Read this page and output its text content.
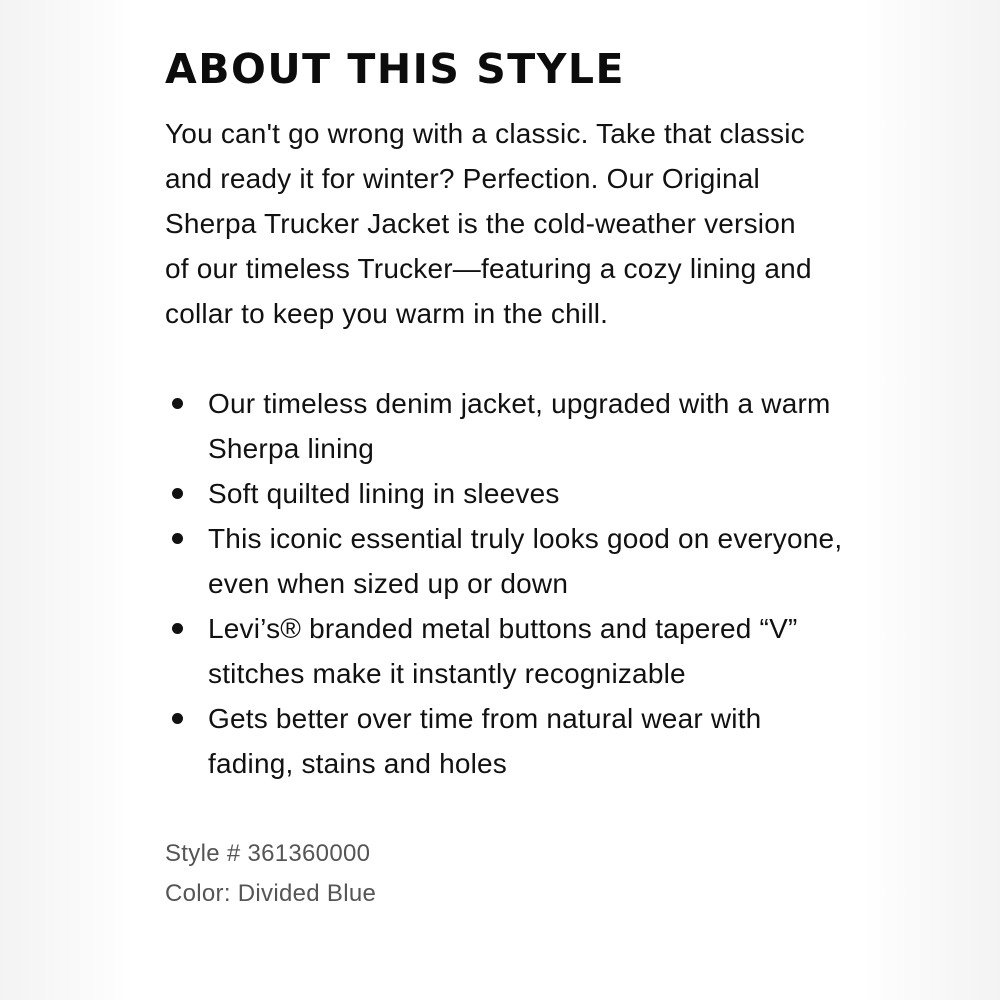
ABOUT THIS STYLE

You can't go wrong with a classic. Take that classic and ready it for winter? Perfection. Our Original Sherpa Trucker Jacket is the cold-weather version of our timeless Trucker—featuring a cozy lining and collar to keep you warm in the chill.

Our timeless denim jacket, upgraded with a warm Sherpa lining
Soft quilted lining in sleeves
This iconic essential truly looks good on everyone, even when sized up or down
Levi’s® branded metal buttons and tapered “V” stitches make it instantly recognizable
Gets better over time from natural wear with fading, stains and holes
Style # 361360000
Color: Divided Blue
